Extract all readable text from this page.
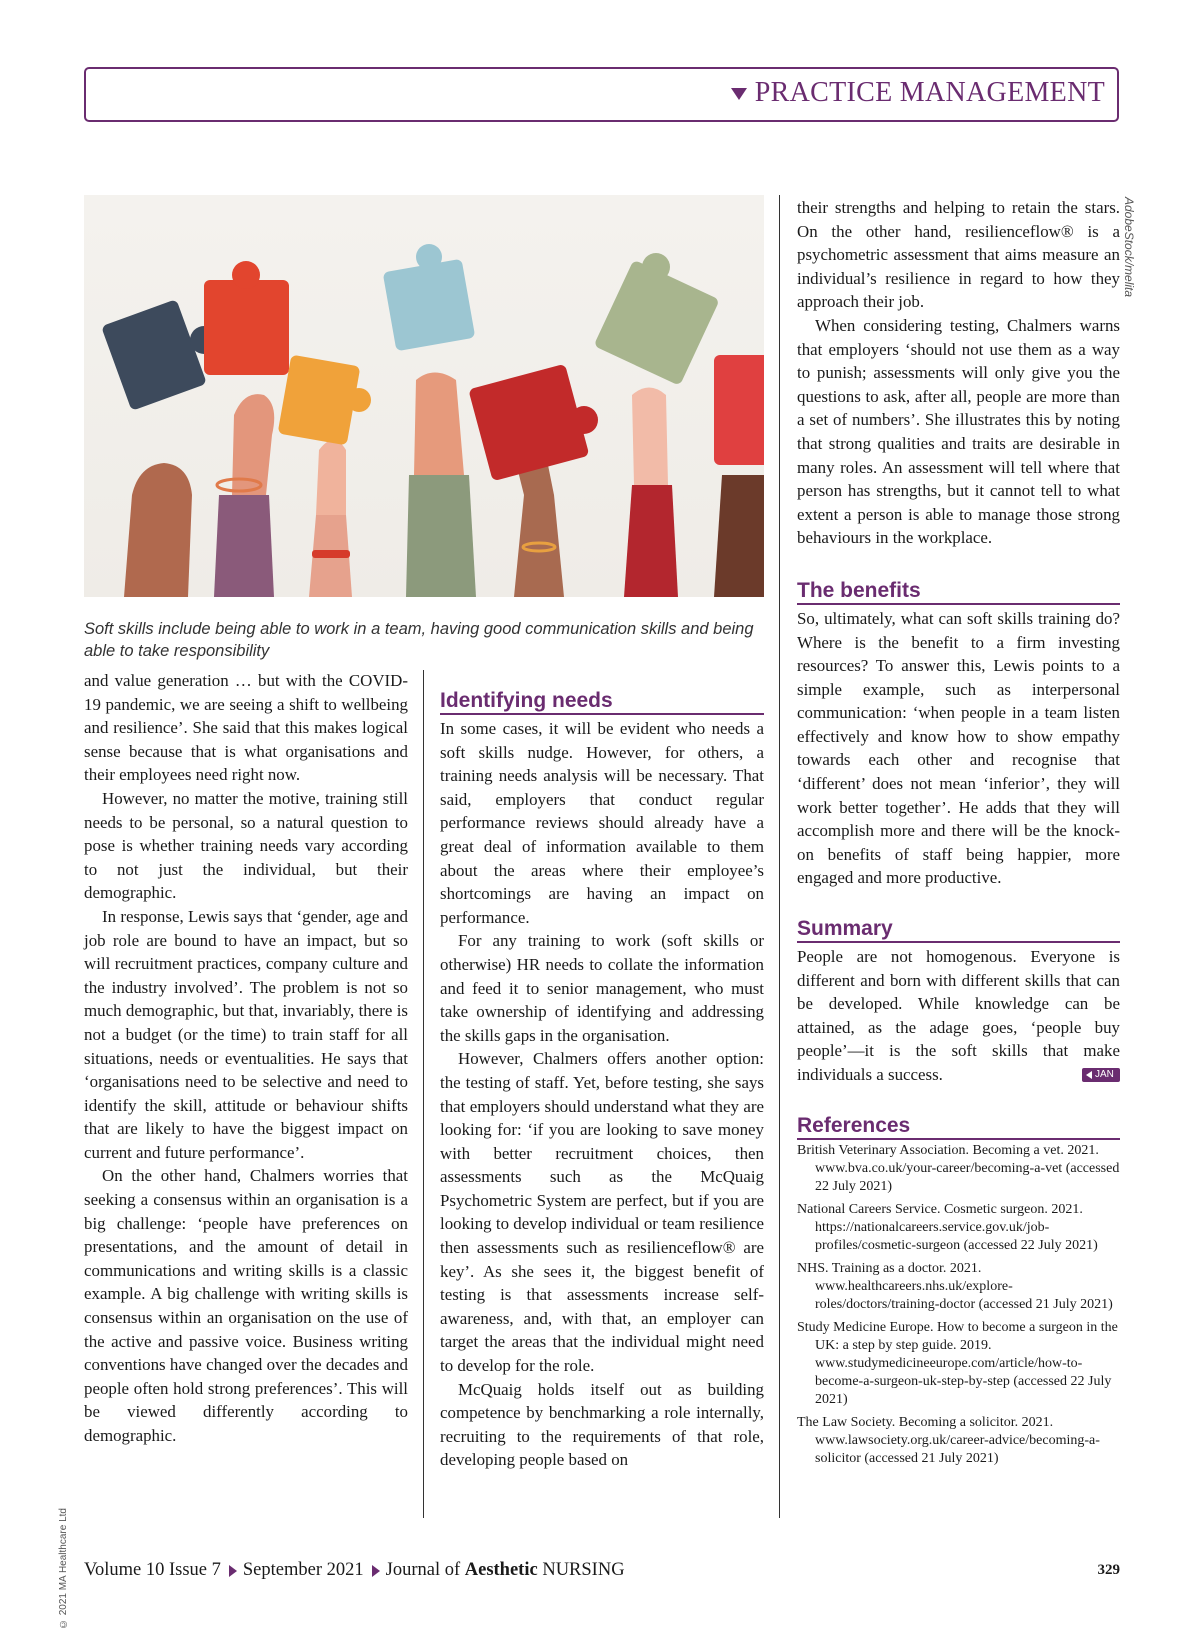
PRACTICE MANAGEMENT
AdobeStock/melita
Soft skills include being able to work in a team, having good communication skills and being able to take responsibility

and value generation … but with the COVID-19 pandemic, we are seeing a shift to wellbeing and resilience’. She said that this makes logical sense because that is what organisations and their employees need right now.

However, no matter the motive, training still needs to be personal, so a natural question to pose is whether training needs vary according to not just the individual, but their demographic.

In response, Lewis says that ‘gender, age and job role are bound to have an impact, but so will recruitment practices, company culture and the industry involved’. The problem is not so much demographic, but that, invariably, there is not a budget (or the time) to train staff for all situations, needs or eventualities. He says that ‘organisations need to be selective and need to identify the skill, attitude or behaviour shifts that are likely to have the biggest impact on current and future performance’.

On the other hand, Chalmers worries that seeking a consensus within an organisation is a big challenge: ‘people have preferences on presentations, and the amount of detail in communications and writing skills is a classic example. A big challenge with writing skills is consensus within an organisation on the use of the active and passive voice. Business writing conventions have changed over the decades and people often hold strong preferences’. This will be viewed differently according to demographic.

Identifying needs

In some cases, it will be evident who needs a soft skills nudge. However, for others, a training needs analysis will be necessary. That said, employers that conduct regular performance reviews should already have a great deal of information available to them about the areas where their employee’s shortcomings are having an impact on performance.

For any training to work (soft skills or otherwise) HR needs to collate the information and feed it to senior management, who must take ownership of identifying and addressing the skills gaps in the organisation.

However, Chalmers offers another option: the testing of staff. Yet, before testing, she says that employers should understand what they are looking for: ‘if you are looking to save money with better recruitment choices, then assessments such as the McQuaig Psychometric System are perfect, but if you are looking to develop individual or team resilience then assessments such as resilienceflow® are key’. As she sees it, the biggest benefit of testing is that assessments increase self-awareness, and, with that, an employer can target the areas that the individual might need to develop for the role.

McQuaig holds itself out as building competence by benchmarking a role internally, recruiting to the requirements of that role, developing people based on

their strengths and helping to retain the stars. On the other hand, resilienceflow® is a psychometric assessment that aims measure an individual’s resilience in regard to how they approach their job.

When considering testing, Chalmers warns that employers ‘should not use them as a way to punish; assessments will only give you the questions to ask, after all, people are more than a set of numbers’. She illustrates this by noting that strong qualities and traits are desirable in many roles. An assessment will tell where that person has strengths, but it cannot tell to what extent a person is able to manage those strong behaviours in the workplace.

The benefits

So, ultimately, what can soft skills training do? Where is the benefit to a firm investing resources? To answer this, Lewis points to a simple example, such as interpersonal communication: ‘when people in a team listen effectively and know how to show empathy towards each other and recognise that ‘different’ does not mean ‘inferior’, they will work better together’. He adds that they will accomplish more and there will be the knock-on benefits of staff being happier, more engaged and more productive.

Summary

People are not homogenous. Everyone is different and born with different skills that can be developed. While knowledge can be attained, as the adage goes, ‘people buy people’—it is the soft skills that make individuals a success.	JAN

References
British Veterinary Association. Becoming a vet. 2021. www.bva.co.uk/your-career/becoming-a-vet (accessed 22 July 2021)
National Careers Service. Cosmetic surgeon. 2021. https://nationalcareers.service.gov.uk/job-profiles/cosmetic-surgeon (accessed 22 July 2021)
NHS. Training as a doctor. 2021. www.healthcareers.nhs.uk/explore-roles/doctors/training-doctor (accessed 21 July 2021)
Study Medicine Europe. How to become a surgeon in the UK: a step by step guide. 2019. www.studymedicineeurope.com/article/how-to-become-a-surgeon-uk-step-by-step (accessed 22 July 2021)
The Law Society. Becoming a solicitor. 2021. www.lawsociety.org.uk/career-advice/becoming-a-solicitor (accessed 21 July 2021)
© 2021 MA Healthcare Ltd Volume 10 Issue 7 September 2021 Journal of Aesthetic NURSING	329
